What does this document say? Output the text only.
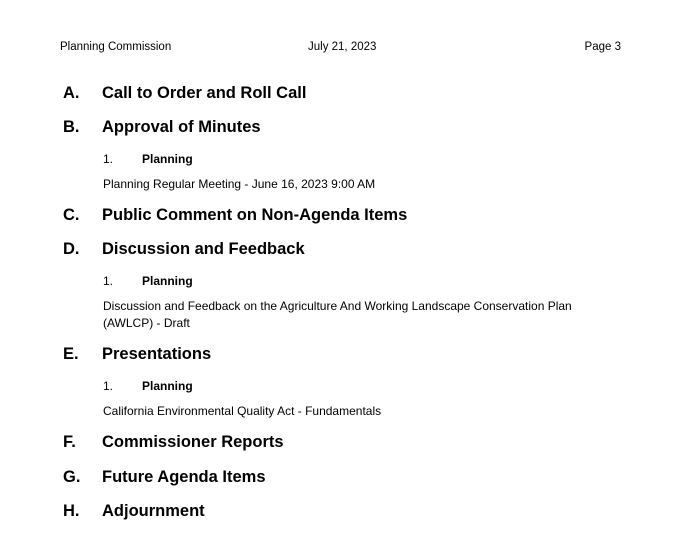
Planning Commission	July 21, 2023	Page 3
A. Call to Order and Roll Call
B. Approval of Minutes
1. Planning
Planning Regular Meeting - June 16, 2023 9:00 AM
C. Public Comment on Non-Agenda Items
D. Discussion and Feedback
1. Planning
Discussion and Feedback on the Agriculture And Working Landscape Conservation Plan (AWLCP) - Draft
E. Presentations
1. Planning
California Environmental Quality Act - Fundamentals
F. Commissioner Reports
G. Future Agenda Items
H. Adjournment
